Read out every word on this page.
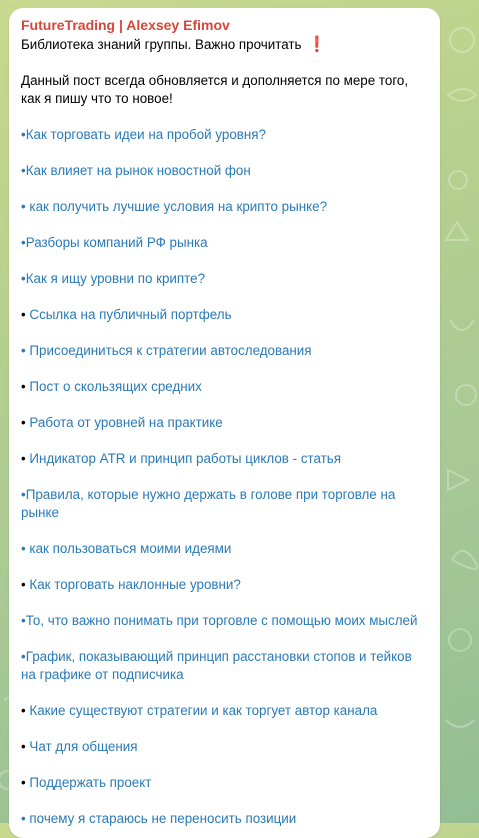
FutureTrading | Alexsey Efimov
Библиотека знаний группы. Важно прочитать ❗
Данный пост всегда обновляется и дополняется по мере того, как я пишу что то новое!
•Как торговать идеи на пробой уровня?
•Как влияет на рынок новостной фон
• как получить лучшие условия на крипто рынке?
•Разборы компаний РФ рынка
•Как я ищу уровни по крипте?
• Ссылка на публичный портфель
• Присоединиться к стратегии автоследования
• Пост о скользящих средних
• Работа от уровней на практике
• Индикатор ATR и принцип работы циклов - статья
•Правила, которые нужно держать в голове при торговле на рынке
• как пользоваться моими идеями
• Как торговать наклонные уровни?
•То, что важно понимать при торговле с помощью моих мыслей
•График, показывающий принцип расстановки стопов и тейков на графике от подписчика
• Какие существуют стратегии и как торгует автор канала
• Чат для общения
• Поддержать проект
• почему я стараюсь не переносить позиции
